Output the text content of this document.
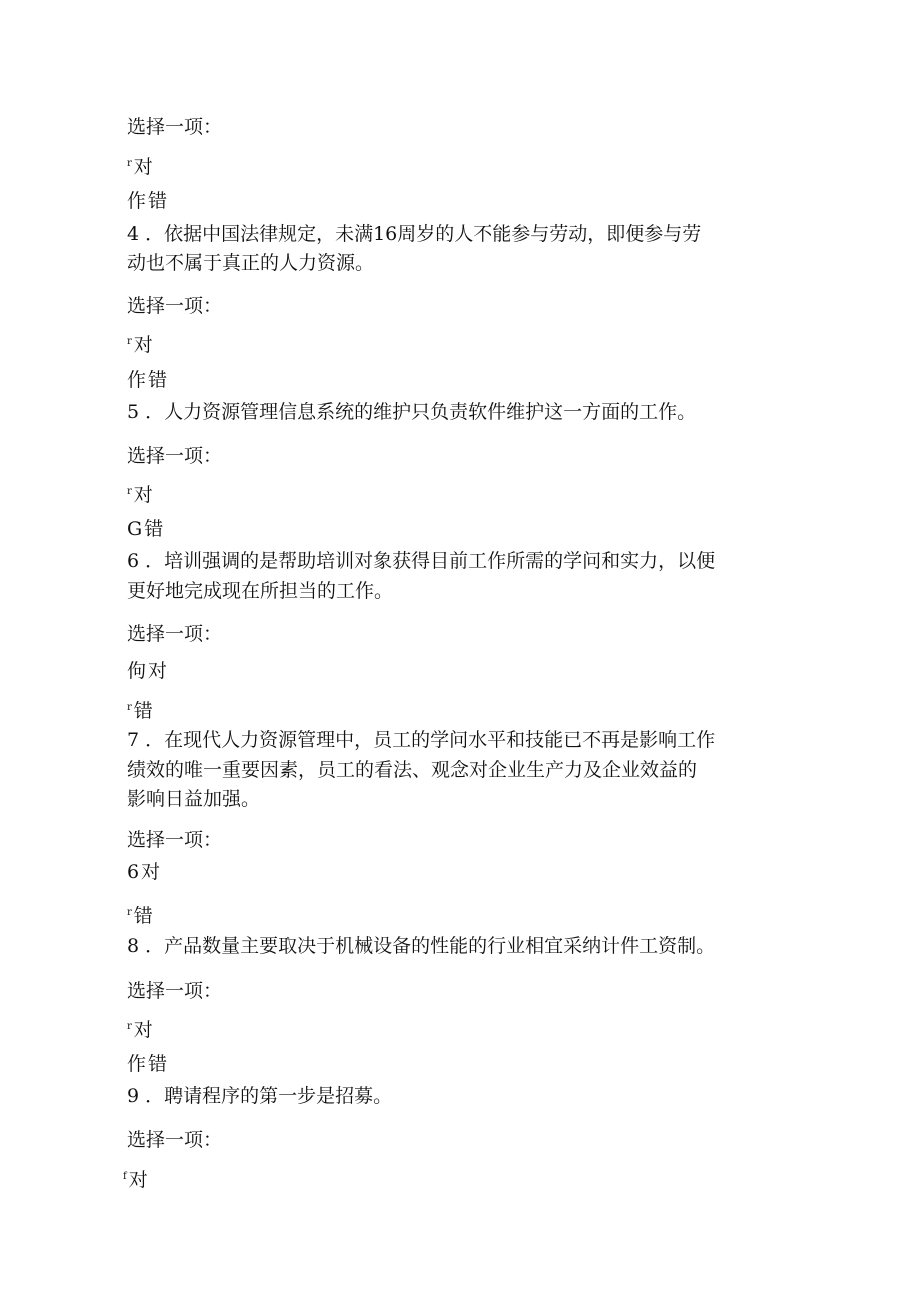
选择一项：
$^r$ 对
作 错
4 ．依据中国法律规定，未满16周岁的人不能参与劳动，即便参与劳
动也不属于真正的人力资源。
选择一项：
$^r$ 对
作 错
5 ．人力资源管理信息系统的维护只负责软件维护这一方面的工作。
选择一项：
$^r$ 对
G 错
6 ．培训强调的是帮助培训对象获得目前工作所需的学问和实力，以便
更好地完成现在所担当的工作。
选择一项：
佝 对
$^r$ 错
7 ．在现代人力资源管理中，员工的学问水平和技能已不再是影响工作
绩效的唯一重要因素，员工的看法、观念对企业生产力及企业效益的
影响日益加强。
选择一项：
6 对
$^r$ 错
8 ．产品数量主要取决于机械设备的性能的行业相宜采纳计件工资制。
选择一项：
$^r$ 对
作 错
9 ．聘请程序的第一步是招募。
选择一项：
$^f$ 对
